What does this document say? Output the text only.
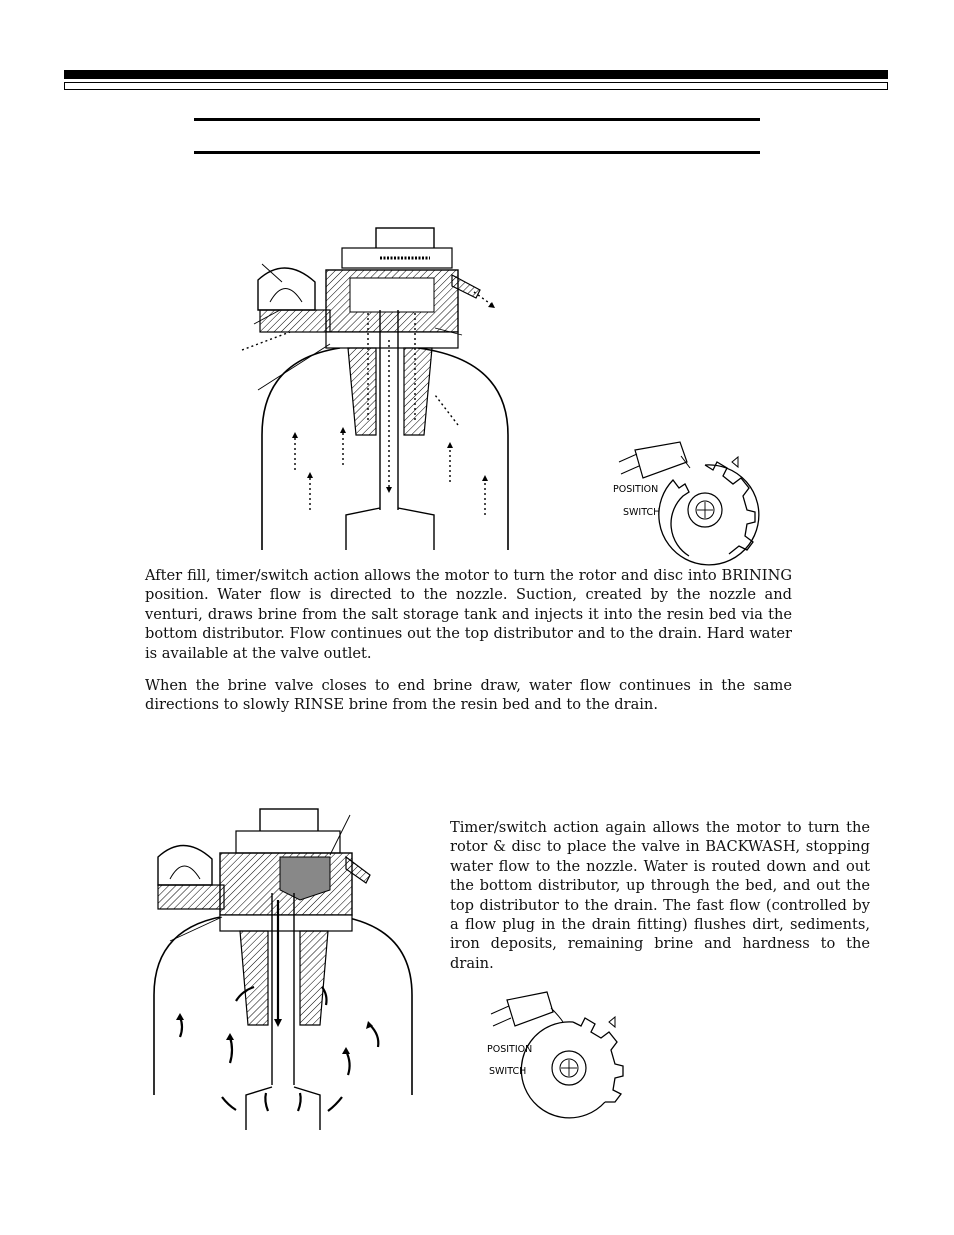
POSITION
SWITCH
After fill, timer/switch action allows the motor to turn the rotor and disc into BRINING position. Water flow is directed to the nozzle. Suction, created by the nozzle and venturi, draws brine from the salt storage tank and injects it into the resin bed via the bottom distributor. Flow continues out the top distributor and to the drain. Hard water is available at the valve outlet.
When the brine valve closes to end brine draw, water flow continues in the same directions to slowly RINSE brine from the resin bed and to the drain.
Timer/switch action again allows the motor to turn the rotor & disc to place the valve in BACKWASH, stopping water flow to the nozzle. Water is routed down and out the bottom distributor, up through the bed, and out the top distributor to the drain. The fast flow (controlled by a flow plug in the drain fitting) flushes dirt, sediments, iron deposits, remaining brine and hardness to the drain.
POSITION
SWITCH
